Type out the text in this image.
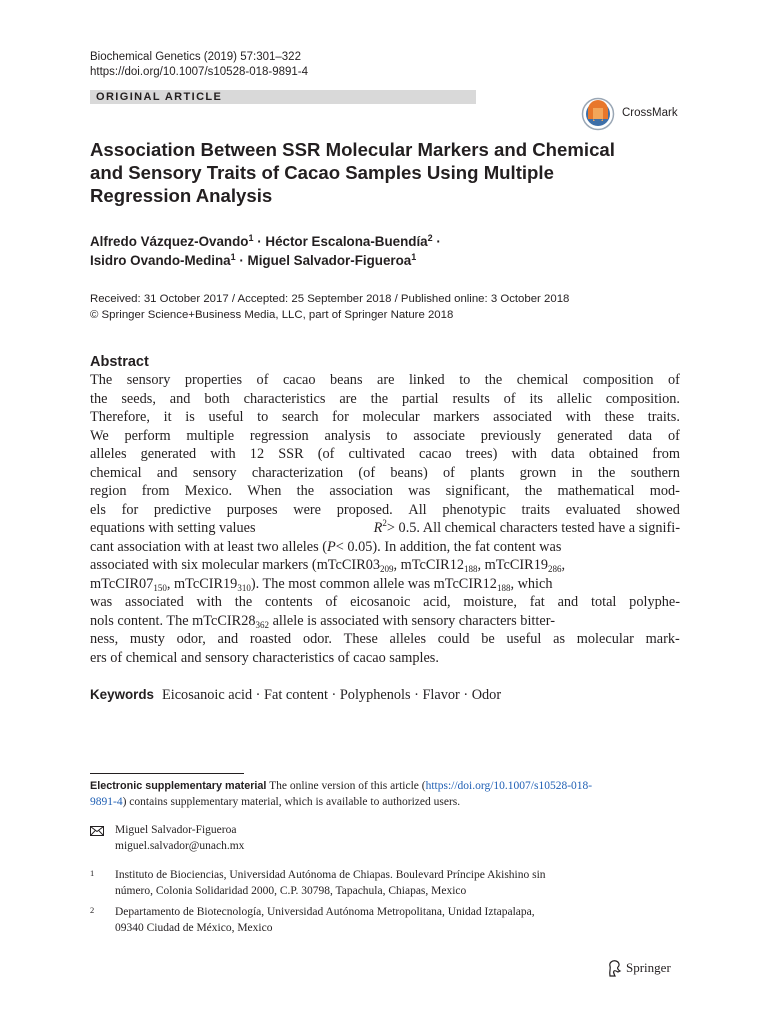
Biochemical Genetics (2019) 57:301–322
https://doi.org/10.1007/s10528-018-9891-4
ORIGINAL ARTICLE
CrossMark
Association Between SSR Molecular Markers and Chemical
and Sensory Traits of Cacao Samples Using Multiple
Regression Analysis
Alfredo Vázquez-Ovando$^1$ · Héctor Escalona-Buendía$^2$ ·
Isidro Ovando-Medina$^1$ · Miguel Salvador-Figueroa$^1$
Received: 31 October 2017 / Accepted: 25 September 2018 / Published online: 3 October 2018
© Springer Science+Business Media, LLC, part of Springer Nature 2018
Abstract
The sensory properties of cacao beans are linked to the chemical composition of
the seeds, and both characteristics are the partial results of its allelic composition.
Therefore, it is useful to search for molecular markers associated with these traits.
We perform multiple regression analysis to associate previously generated data of
alleles generated with 12 SSR (of cultivated cacao trees) with data obtained from
chemical and sensory characterization (of beans) of plants grown in the southern
region from Mexico. When the association was significant, the mathematical mod-
els for predictive purposes were proposed. All phenotypic traits evaluated showed
equations with setting values	$R^2> 0.5$. All chemical characters tested have a signifi-
cant association with at least two alleles (P< 0.05). In addition, the fat content was
associated with six molecular markers ($mTcCIR03_{209}$, $mTcCIR12_{188}$, $mTcCIR19_{286}$,
$mTcCIR07_{150}$, $mTcCIR19_{310}$). The most common allele was $mTcCIR12_{188}$, which
was associated with the contents of eicosanoic acid, moisture, fat and total polyphe-
nols content. The $mTcCIR28_{362}$ allele is associated with sensory characters bitter-
ness, musty odor, and roasted odor. These alleles could be useful as molecular mark-
ers of chemical and sensory characteristics of cacao samples.
Keywords Eicosanoic acid · Fat content · Polyphenols · Flavor · Odor
Electronic supplementary material The online version of this article (https://doi.org/10.1007/s10528-018-
9891-4) contains supplementary material, which is available to authorized users.
Miguel Salvador-Figueroa
miguel.salvador@unach.mx
1 Instituto de Biociencias, Universidad Autónoma de Chiapas. Boulevard Príncipe Akishino sin
número, Colonia Solidaridad 2000, C.P. 30798, Tapachula, Chiapas, Mexico
2 Departamento de Biotecnología, Universidad Autónoma Metropolitana, Unidad Iztapalapa,
09340 Ciudad de México, Mexico
Springer
